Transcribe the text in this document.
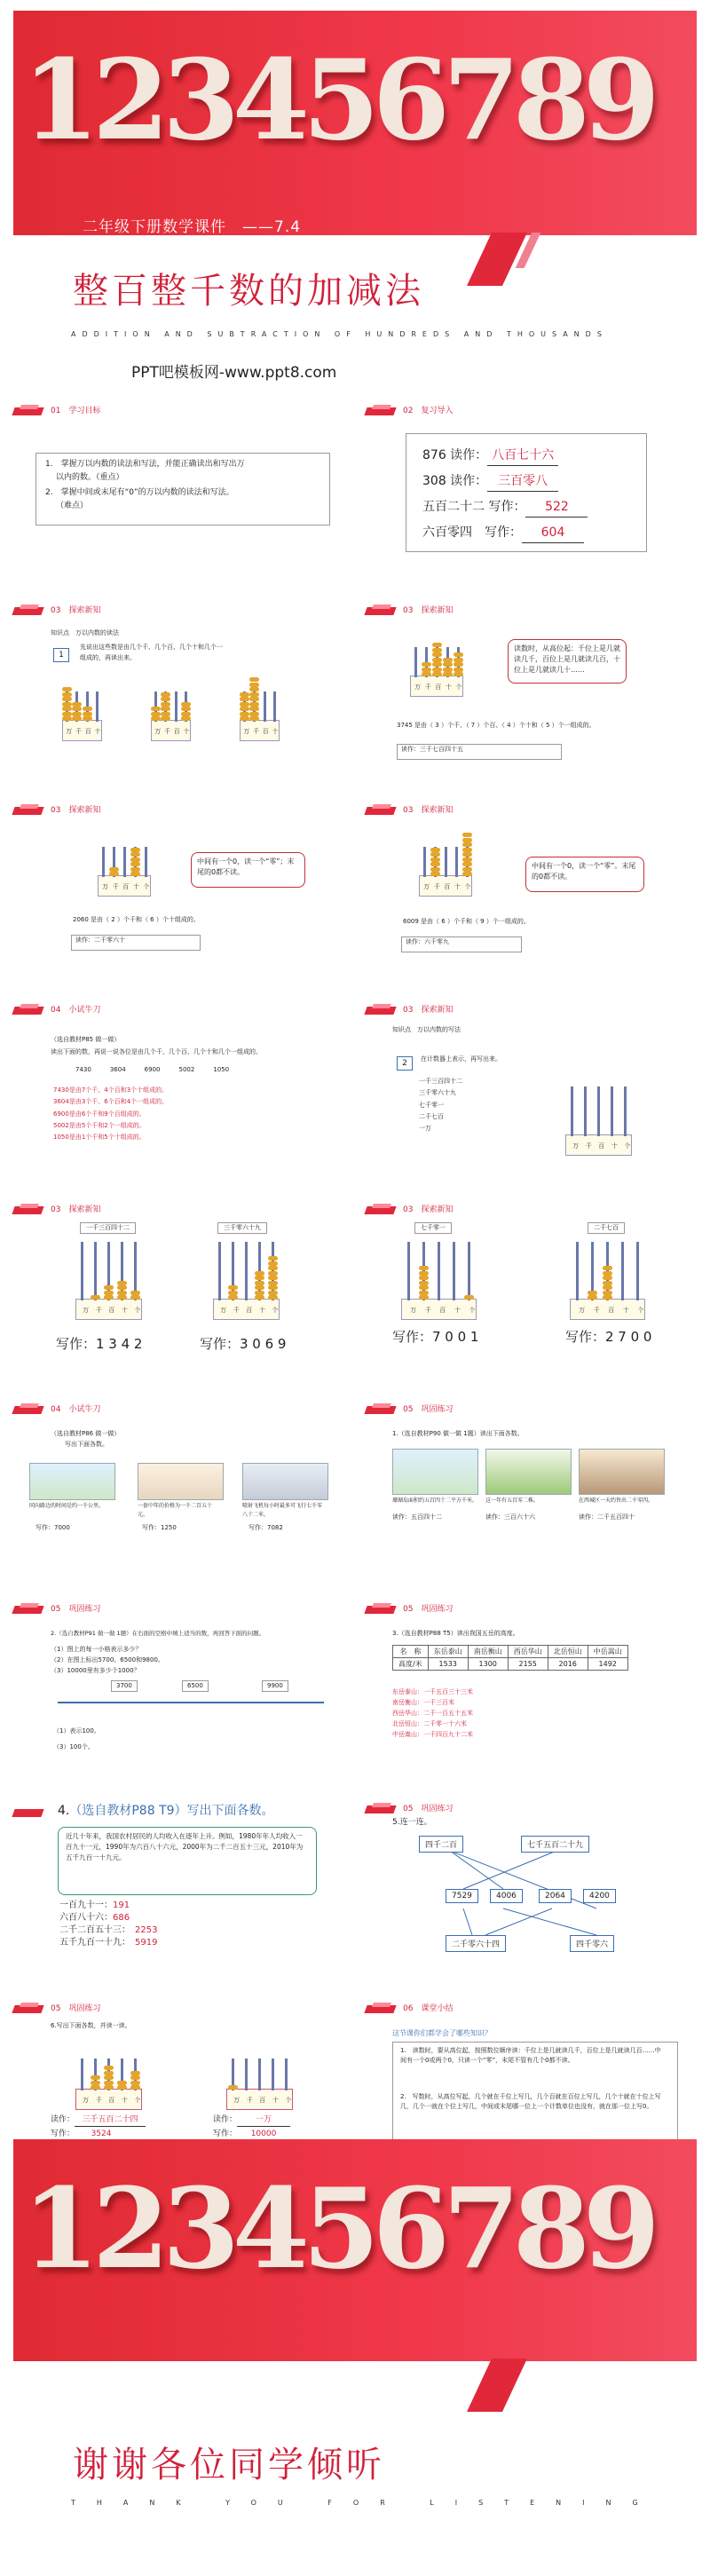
123456789
二年级下册数学课件　——7.4
整百整千数的加减法
ADDITION AND SUBTRACTION OF HUNDREDS AND THOUSANDS
PPT吧模板网-www.ppt8.com
01　 学习目标
1.　掌握万以内数的读法和写法，并能正确读出和写出万
以内的数。（重点）
2.　掌握中间或末尾有“0”的万以内数的读法和写法。
（难点）
02　 复习导入
876 读作： 八百七十六
308 读作： 三百零八
五百二十二 写作： 522
六百零四　写作： 604
03　 探索新知
知识点　万以内数的读法
1
先说出这些数是由几个千、几个百、几个十和几个一
组成的，再读出来。
万 千 百 十	万 千 百 十	万 千 百 十
03　 探索新知
万 千 百 十 个
读数时，从高位起：千位上是几就读几千，百位上是几就读几百，十位上是几就读几十……
3745 是由（ 3 ）个千、（ 7 ）个百、（ 4 ）个十和（ 5 ）个一组成的。
读作：三千七百四十五
03　 探索新知
万 千 百 十 个
中间有一个0，读一个“零”；末尾的0都不读。
2060 是由（ 2 ）个千和（ 6 ）个十组成的。
读作：二千零六十
03　 探索新知
万 千 百 十 个
中间有一个0，读一个“零”。末尾的0都不读。
6009 是由（ 6 ）个千和（ 9 ）个一组成的。
读作：六千零九
04　 小试牛刀
（选自教材P85 做一做）
读出下面的数，再说一说各位是由几个千、几个百、几个十和几个一组成的。
7430　　　	3604　　　	6900　　　	5002　　　	1050
7430是由7个千、4个百和3个十组成的。
3604是由3个千、6个百和4个一组成的。
6900是由6个千和9个百组成的。
5002是由5个千和2个一组成的。
1050是由1个千和5个十组成的。
03　 探索新知
知识点　万以内数的写法
2	在计数器上表示，再写出来。
一千三百四十二
三千零六十九
七千零一
二千七百
一万
万 千 百 十 个
03　 探索新知
一千三百四十二	三千零六十九
万 千 百 十 个	万 千 百 十 个
写作：1 3 4 2	写作：3 0 6 9
03　 探索新知
七千零一	二千七百
万	千	百	十	个	万	千	百	十	个
写作：7 0 0 1	写作：2 7 0 0
04　 小试牛刀
（选自教材P86 做一做）
写出下面各数。
同向路边的时间是约一千公里。	一套中年的价格为一千二百五十元。
喷射飞机每小时最多可飞行七千零八十二米。
写作：7000	写作：1250	写作：7082
05　 巩固练习
1.（选自教材P90 做一做 1题）读出下面各数。
珊瑚岛面积约五百四十二平方千米。 这一年有五百零二株。	在西城区一天约售出二千零四。
读作：五百四十二	读作：三百六十六	读作：二千五百四十
05　 巩固练习
2.（选自教材P91 做一做 1题）在右面的空格中填上适当的数，再回答下面的问题。
（1）图上的每一小格表示多少？
（2）在图上标出5700、6500和9800。
（3）10000里有多少个1000？
3700	6500	9900
（1）表示100。
（3）100个。
05　 巩固练习
3.（选自教材P88 T5）读出我国五岳的高度。
名　称	东岳泰山	南岳衡山	西岳华山	北岳恒山	中岳嵩山
高度/米	1533	1300	2155	2016	1492
东岳泰山：一千五百三十三米
南岳衡山：一千三百米
西岳华山：二千一百五十五米
北岳恒山：二千零一十六米
中岳嵩山：一千四百九十二米
4.（选自教材P88 T9）写出下面各数。
近几十年来，我国农村居民的人均收入在逐年上升。例如，1980年年人均收入一百九十一元，1990年为六百八十六元，2000年为二千二百五十三元，2010年为五千九百一十九元。
一百九十一：191
六百八十六：686
二千二百五十三：　 2253
五千九百一十九：　 5919
05　 巩固练习
5.连一连。
四千二百	七千五百二十九
7529	4006	2064	4200
二千零六十四	四千零六
05　 巩固练习
6.写出下面各数，并读一读。
万 千 百 十 个	万 千 百 十 个
读作： 三千五百二十四
写作： 3524
读作： 一万
写作： 10000
06　 课堂小结
这节课你们都学会了哪些知识？
1.　读数时，要从高位起，按照数位顺序读：千位上是几就读几千，百位上是几就读几百……中间有一个0或两个0，只读一个“零”，末尾不管有几个0都不读。
2.　写数时，从高位写起，几个就在千位上写几，几个百就在百位上写几，几个十就在十位上写几，几个一就在个位上写几，中间或末尾哪一位上一个计数单位也没有，就在那一位上写0。
123456789
谢谢各位同学倾听
THANK YOU FOR LISTENING
